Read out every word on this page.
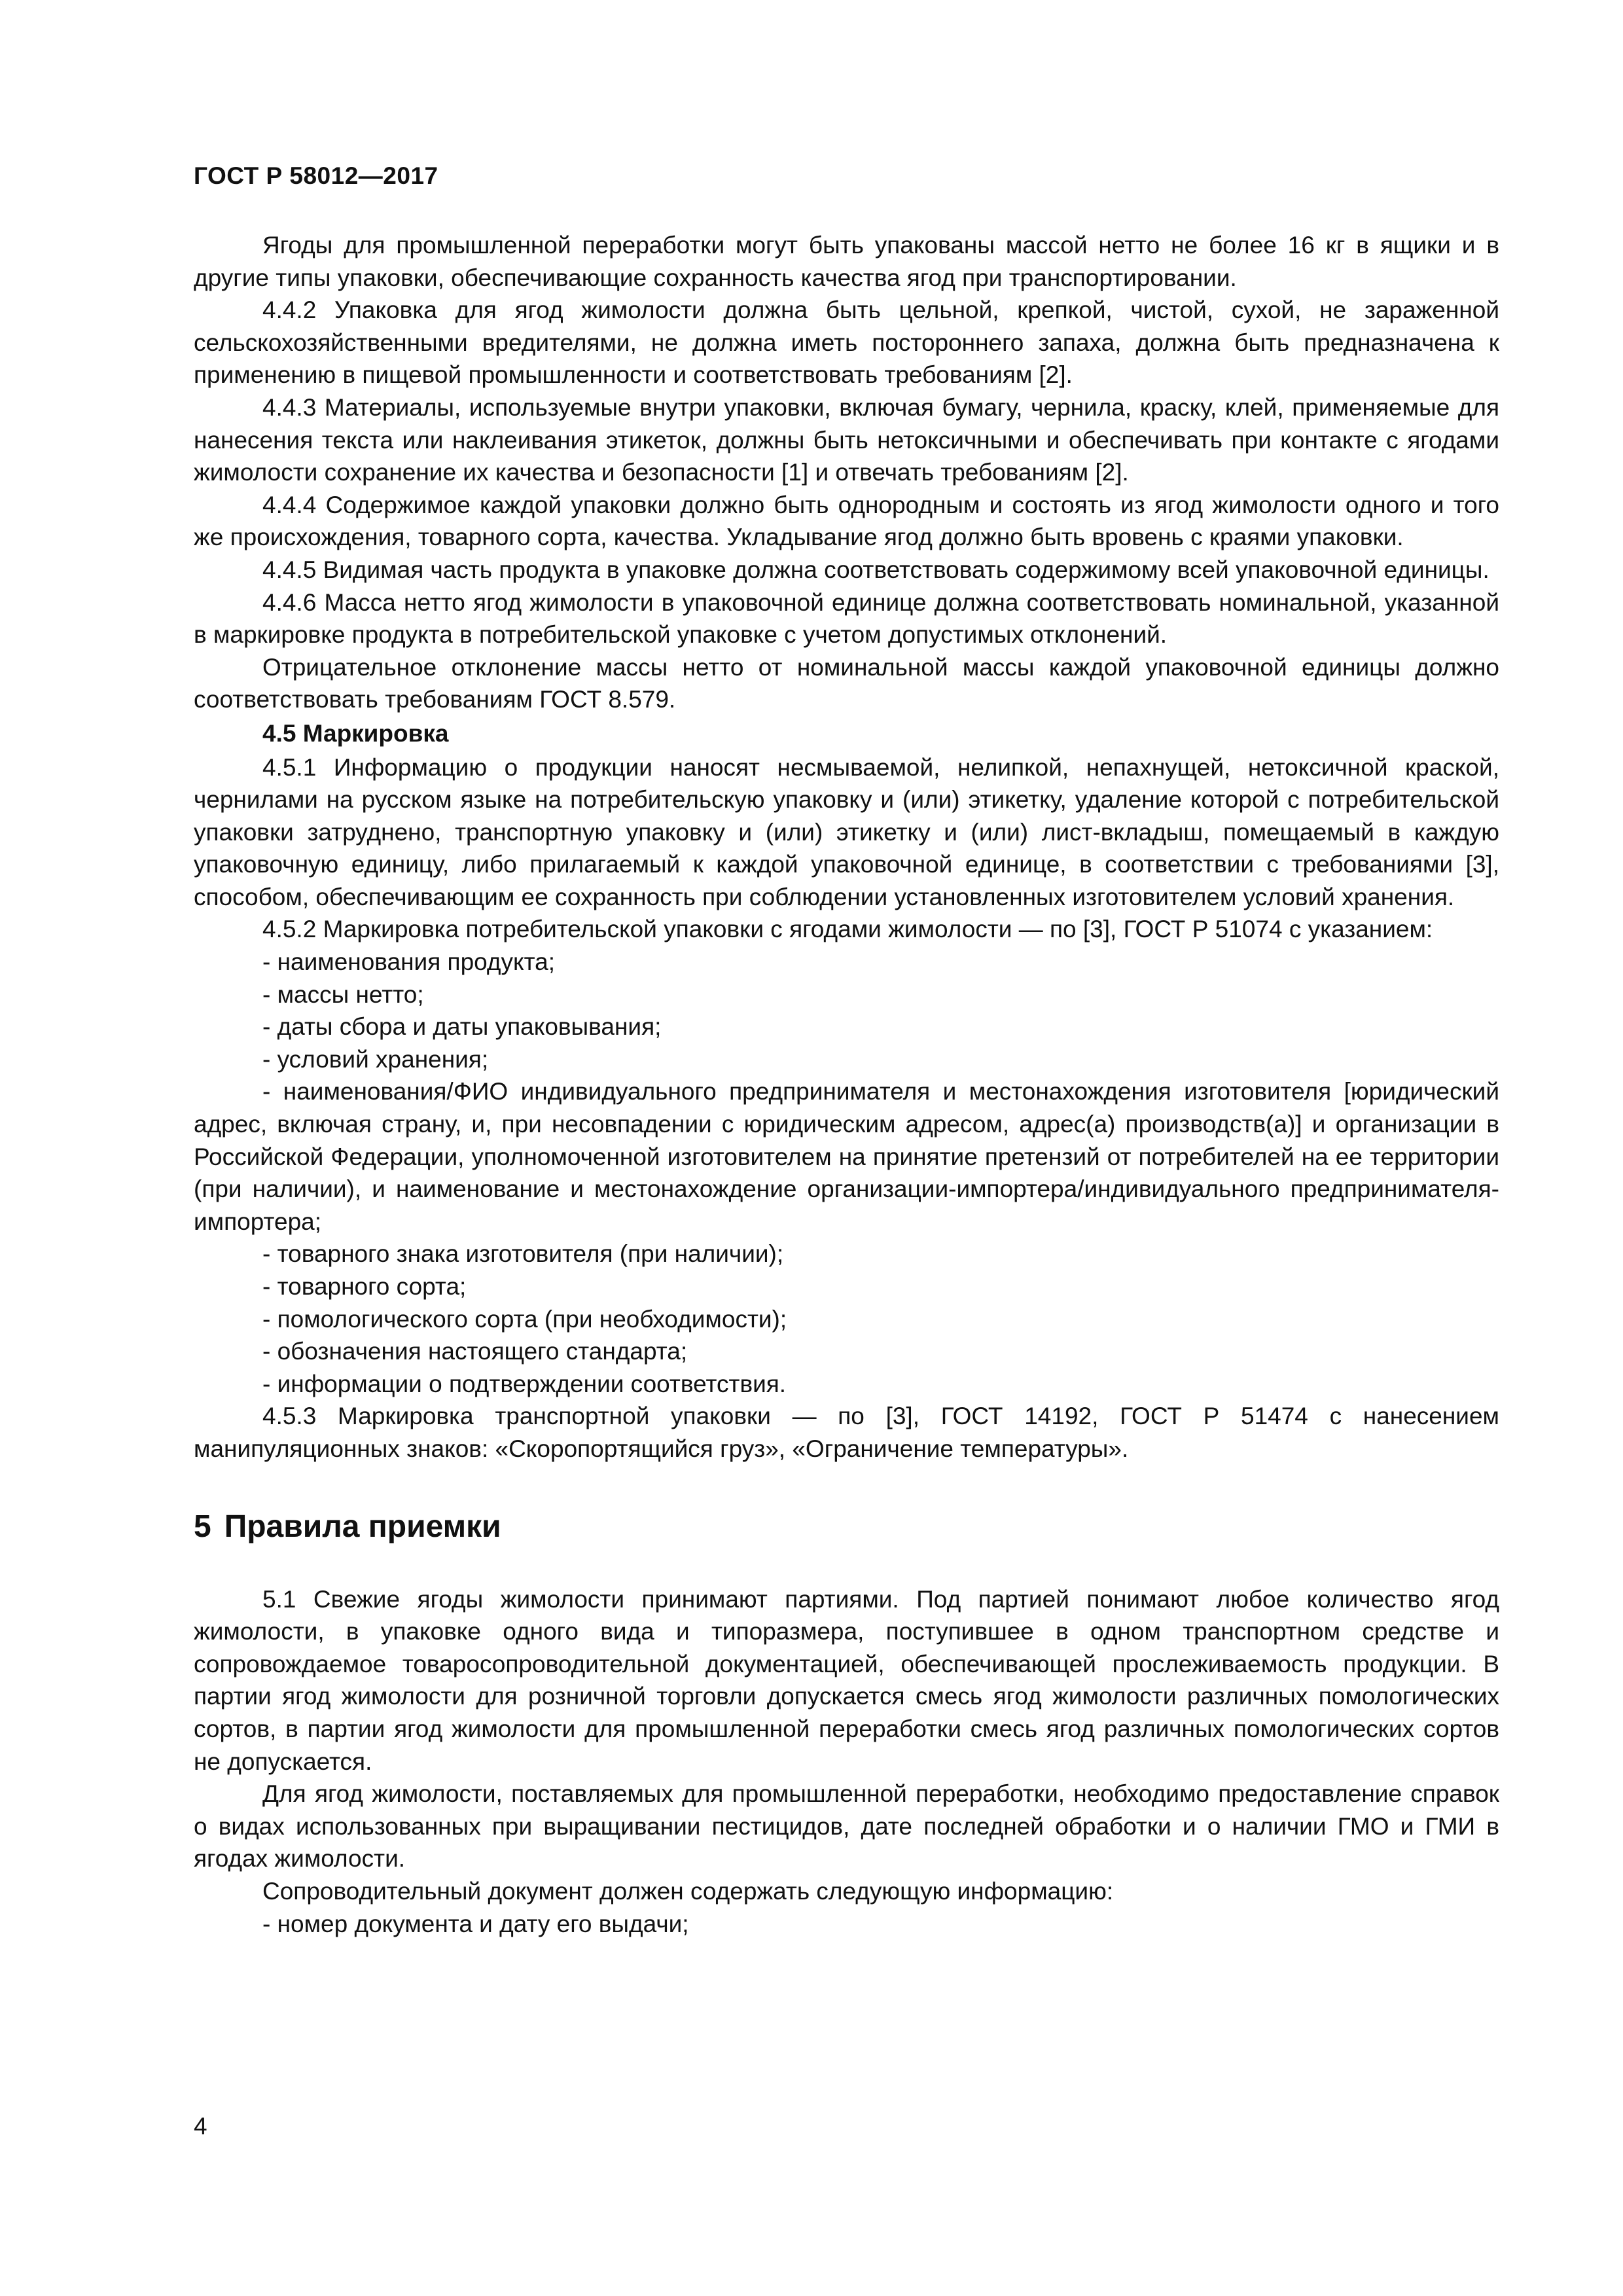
ГОСТ Р 58012—2017

Ягоды для промышленной переработки могут быть упакованы массой нетто не более 16 кг в ящики и в другие типы упаковки, обеспечивающие сохранность качества ягод при транспортировании.

4.4.2 Упаковка для ягод жимолости должна быть цельной, крепкой, чистой, сухой, не зараженной сельскохозяйственными вредителями, не должна иметь постороннего запаха, должна быть предназначена к применению в пищевой промышленности и соответствовать требованиям [2].

4.4.3 Материалы, используемые внутри упаковки, включая бумагу, чернила, краску, клей, применяемые для нанесения текста или наклеивания этикеток, должны быть нетоксичными и обеспечивать при контакте с ягодами жимолости сохранение их качества и безопасности [1] и отвечать требованиям [2].

4.4.4 Содержимое каждой упаковки должно быть однородным и состоять из ягод жимолости одного и того же происхождения, товарного сорта, качества. Укладывание ягод должно быть вровень с краями упаковки.

4.4.5 Видимая часть продукта в упаковке должна соответствовать содержимому всей упаковочной единицы.

4.4.6 Масса нетто ягод жимолости в упаковочной единице должна соответствовать номинальной, указанной в маркировке продукта в потребительской упаковке с учетом допустимых отклонений.

Отрицательное отклонение массы нетто от номинальной массы каждой упаковочной единицы должно соответствовать требованиям ГОСТ 8.579.

4.5 Маркировка

4.5.1 Информацию о продукции наносят несмываемой, нелипкой, непахнущей, нетоксичной краской, чернилами на русском языке на потребительскую упаковку и (или) этикетку, удаление которой с потребительской упаковки затруднено, транспортную упаковку и (или) этикетку и (или) лист-вкладыш, помещаемый в каждую упаковочную единицу, либо прилагаемый к каждой упаковочной единице, в соответствии с требованиями [3], способом, обеспечивающим ее сохранность при соблюдении установленных изготовителем условий хранения.

4.5.2 Маркировка потребительской упаковки с ягодами жимолости — по [3], ГОСТ Р 51074 с указанием:

- наименования продукта;

- массы нетто;

- даты сбора и даты упаковывания;

- условий хранения;

- наименования/ФИО индивидуального предпринимателя и местонахождения изготовителя [юридический адрес, включая страну, и, при несовпадении с юридическим адресом, адрес(а) производств(а)] и организации в Российской Федерации, уполномоченной изготовителем на принятие претензий от потребителей на ее территории (при наличии), и наименование и местонахождение организации-импортера/индивидуального предпринимателя-импортера;

- товарного знака изготовителя (при наличии);

- товарного сорта;

- помологического сорта (при необходимости);

- обозначения настоящего стандарта;

- информации о подтверждении соответствия.

4.5.3 Маркировка транспортной упаковки — по [3], ГОСТ 14192, ГОСТ Р 51474 с нанесением манипуляционных знаков: «Скоропортящийся груз», «Ограничение температуры».

5 Правила приемки

5.1 Свежие ягоды жимолости принимают партиями. Под партией понимают любое количество ягод жимолости, в упаковке одного вида и типоразмера, поступившее в одном транспортном средстве и сопровождаемое товаросопроводительной документацией, обеспечивающей прослеживаемость продукции. В партии ягод жимолости для розничной торговли допускается смесь ягод жимолости различных помологических сортов, в партии ягод жимолости для промышленной переработки смесь ягод различных помологических сортов не допускается.

Для ягод жимолости, поставляемых для промышленной переработки, необходимо предоставление справок о видах использованных при выращивании пестицидов, дате последней обработки и о наличии ГМО и ГМИ в ягодах жимолости.

Сопроводительный документ должен содержать следующую информацию:

- номер документа и дату его выдачи;

4
